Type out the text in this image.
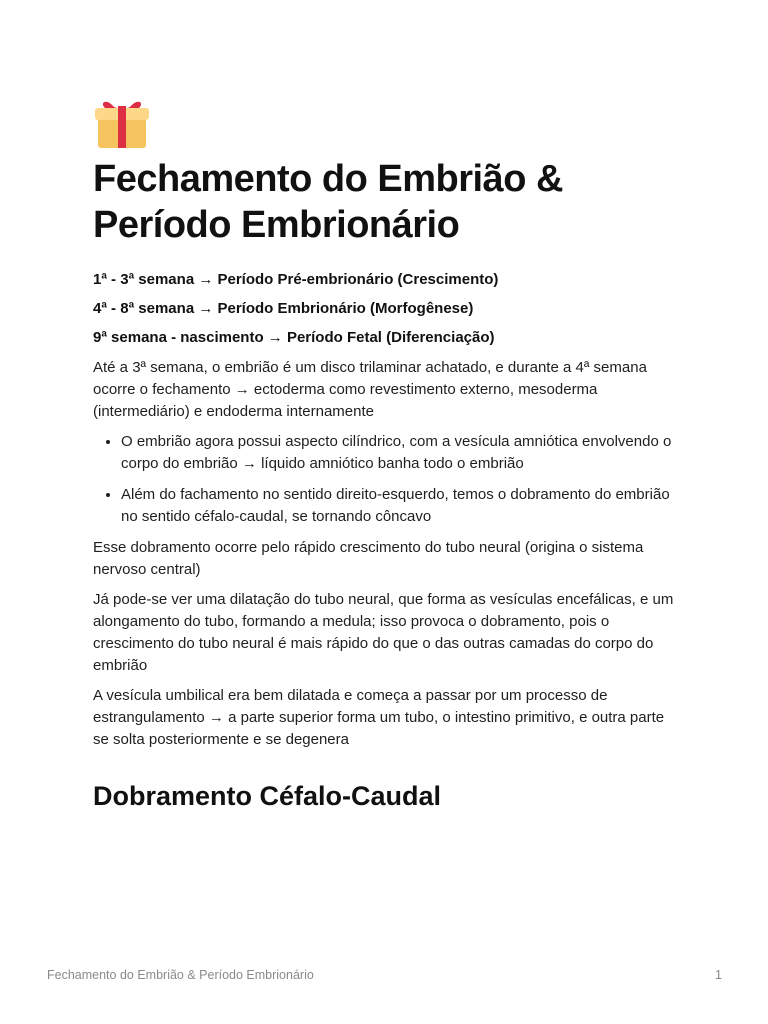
Fechamento do Embrião &
Período Embrionário
1ª - 3ª semana → Período Pré-embrionário (Crescimento)
4ª - 8ª semana → Período Embrionário (Morfogênese)
9ª semana - nascimento → Período Fetal (Diferenciação)

Até a 3ª semana, o embrião é um disco trilaminar achatado, e durante a 4ª semana ocorre o fechamento → ectoderma como revestimento externo, mesoderma (intermediário) e endoderma internamente

• O embrião agora possui aspecto cilíndrico, com a vesícula amniótica envolvendo o corpo do embrião → líquido amniótico banha todo o embrião
• Além do fachamento no sentido direito-esquerdo, temos o dobramento do embrião no sentido céfalo-caudal, se tornando côncavo

Esse dobramento ocorre pelo rápido crescimento do tubo neural (origina o sistema nervoso central)

Já pode-se ver uma dilatação do tubo neural, que forma as vesículas encefálicas, e um alongamento do tubo, formando a medula; isso provoca o dobramento, pois o crescimento do tubo neural é mais rápido do que o das outras camadas do corpo do embrião

A vesícula umbilical era bem dilatada e começa a passar por um processo de estrangulamento → a parte superior forma um tubo, o intestino primitivo, e outra parte se solta posteriormente e se degenera

Dobramento Céfalo-Caudal
Fechamento do Embrião & Período Embrionário	1
